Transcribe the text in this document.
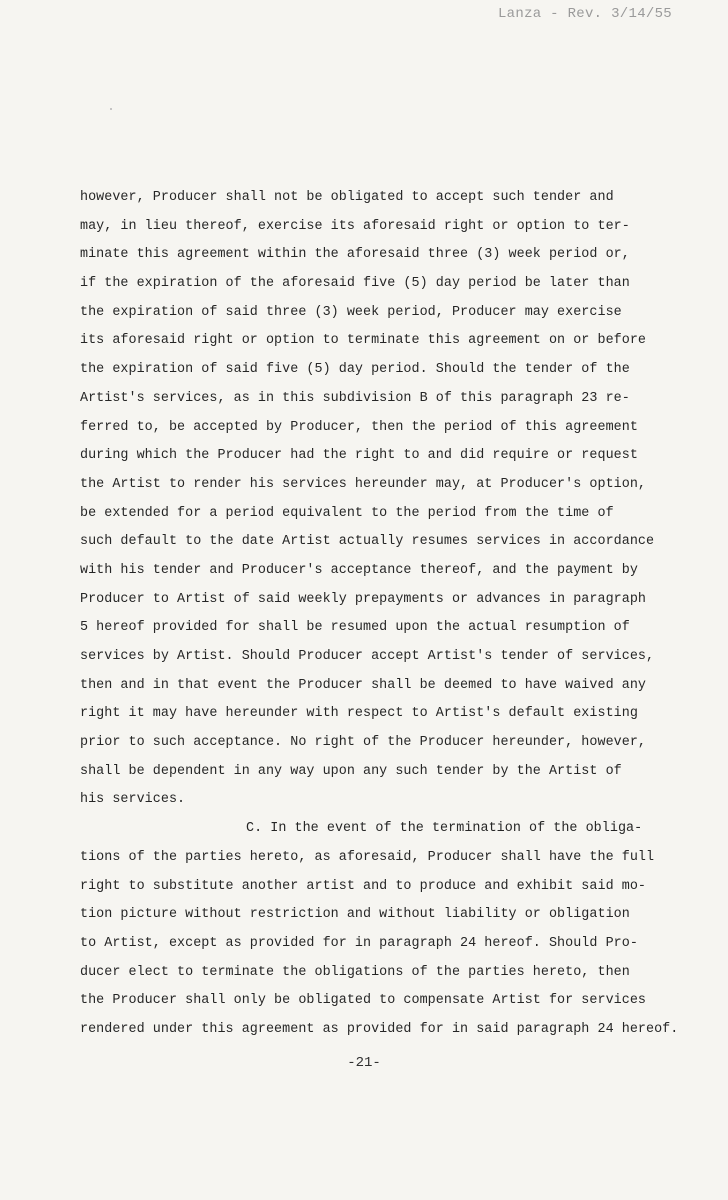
Lanza - Rev. 3/14/55
however, Producer shall not be obligated to accept such tender and
may, in lieu thereof, exercise its aforesaid right or option to ter-
minate this agreement within the aforesaid three (3) week period or,
if the expiration of the aforesaid five (5) day period be later than
the expiration of said three (3) week period, Producer may exercise
its aforesaid right or option to terminate this agreement on or before
the expiration of said five (5) day period. Should the tender of the
Artist's services, as in this subdivision B of this paragraph 23 re-
ferred to, be accepted by Producer, then the period of this agreement
during which the Producer had the right to and did require or request
the Artist to render his services hereunder may, at Producer's option,
be extended for a period equivalent to the period from the time of
such default to the date Artist actually resumes services in accordance
with his tender and Producer's acceptance thereof, and the payment by
Producer to Artist of said weekly prepayments or advances in paragraph
5 hereof provided for shall be resumed upon the actual resumption of
services by Artist. Should Producer accept Artist's tender of services,
then and in that event the Producer shall be deemed to have waived any
right it may have hereunder with respect to Artist's default existing
prior to such acceptance. No right of the Producer hereunder, however,
shall be dependent in any way upon any such tender by the Artist of
his services.
C. In the event of the termination of the obliga-
tions of the parties hereto, as aforesaid, Producer shall have the full
right to substitute another artist and to produce and exhibit said mo-
tion picture without restriction and without liability or obligation
to Artist, except as provided for in paragraph 24 hereof. Should Pro-
ducer elect to terminate the obligations of the parties hereto, then
the Producer shall only be obligated to compensate Artist for services
rendered under this agreement as provided for in said paragraph 24 hereof.
-21-
